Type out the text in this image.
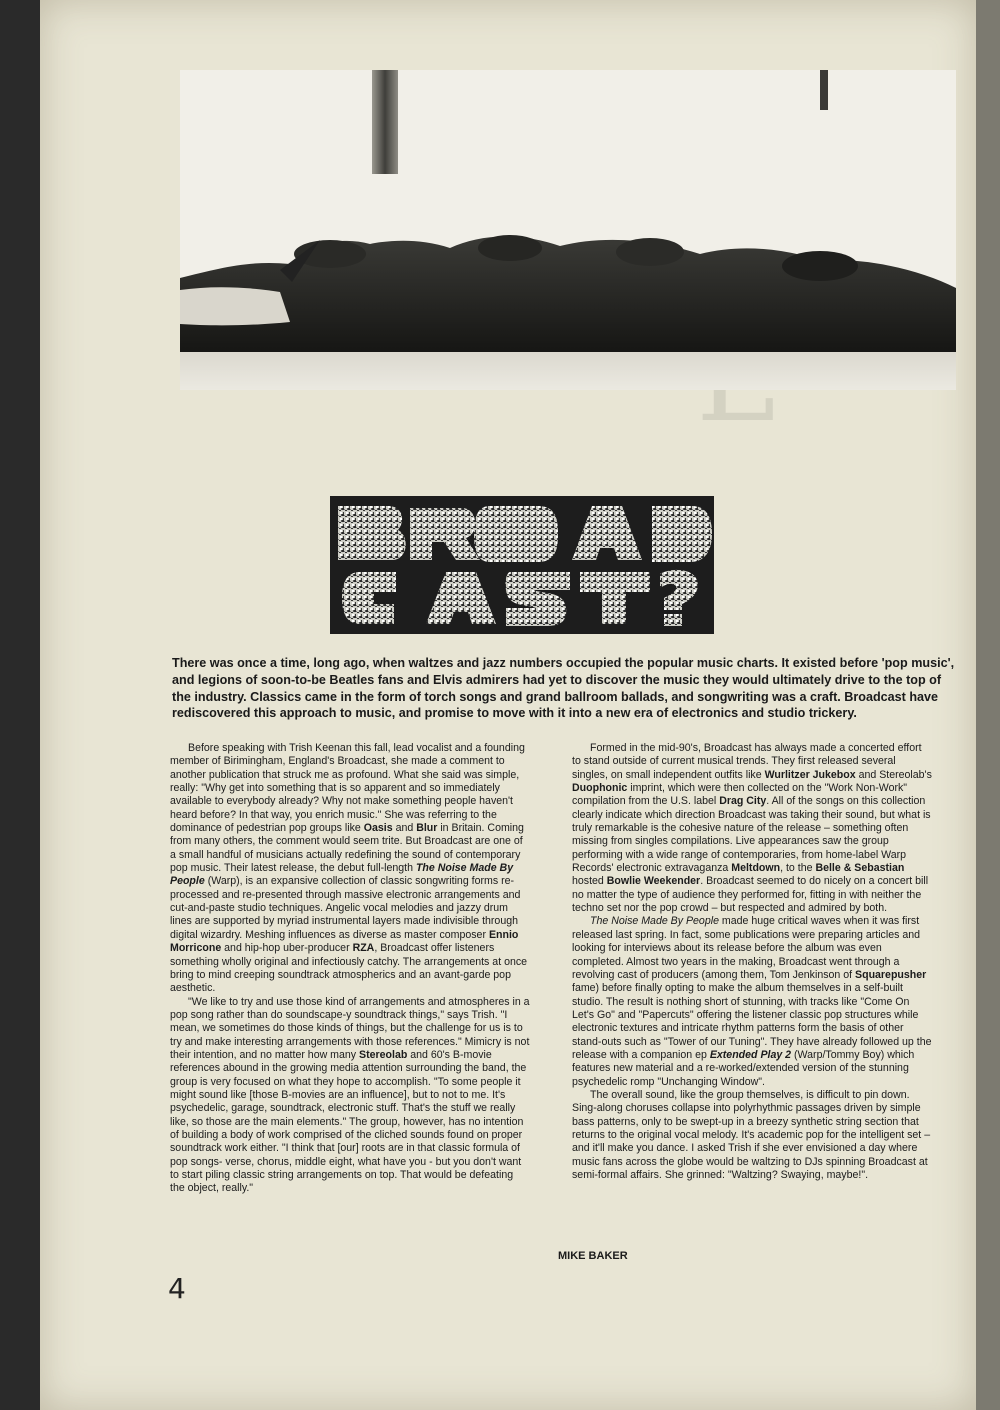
There was once a time, long ago, when waltzes and jazz numbers occupied the popular music charts. It existed before 'pop music', and legions of soon-to-be Beatles fans and Elvis admirers had yet to discover the music they would ultimately drive to the top of the industry. Classics came in the form of torch songs and grand ballroom ballads, and songwriting was a craft. Broadcast have rediscovered this approach to music, and promise to move with it into a new era of electronics and studio trickery.

Before speaking with Trish Keenan this fall, lead vocalist and a founding member of Birimingham, England's Broadcast, she made a comment to another publication that struck me as profound. What she said was simple, really: "Why get into something that is so apparent and so immediately available to everybody already? Why not make something people haven't heard before? In that way, you enrich music." She was referring to the dominance of pedestrian pop groups like Oasis and Blur in Britain. Coming from many others, the comment would seem trite. But Broadcast are one of a small handful of musicians actually redefining the sound of contemporary pop music. Their latest release, the debut full-length The Noise Made By People (Warp), is an expansive collection of classic songwriting forms re-processed and re-presented through massive electronic arrangements and cut-and-paste studio techniques. Angelic vocal melodies and jazzy drum lines are supported by myriad instrumental layers made indivisible through digital wizardry. Meshing influences as diverse as master composer Ennio Morricone and hip-hop uber-producer RZA, Broadcast offer listeners something wholly original and infectiously catchy. The arrangements at once bring to mind creeping soundtrack atmospherics and an avant-garde pop aesthetic.

"We like to try and use those kind of arrangements and atmospheres in a pop song rather than do soundscape-y soundtrack things," says Trish. "I mean, we sometimes do those kinds of things, but the challenge for us is to try and make interesting arrangements with those references." Mimicry is not their intention, and no matter how many Stereolab and 60's B-movie references abound in the growing media attention surrounding the band, the group is very focused on what they hope to accomplish. "To some people it might sound like [those B-movies are an influence], but to not to me. It's psychedelic, garage, soundtrack, electronic stuff. That's the stuff we really like, so those are the main elements." The group, however, has no intention of building a body of work comprised of the cliched sounds found on proper soundtrack work either. "I think that [our] roots are in that classic formula of pop songs- verse, chorus, middle eight, what have you - but you don't want to start piling classic string arrangements on top. That would be defeating the object, really."

Formed in the mid-90's, Broadcast has always made a concerted effort to stand outside of current musical trends. They first released several singles, on small independent outfits like Wurlitzer Jukebox and Stereolab's Duophonic imprint, which were then collected on the "Work Non-Work" compilation from the U.S. label Drag City. All of the songs on this collection clearly indicate which direction Broadcast was taking their sound, but what is truly remarkable is the cohesive nature of the release – something often missing from singles compilations. Live appearances saw the group performing with a wide range of contemporaries, from home-label Warp Records' electronic extravaganza Meltdown, to the Belle & Sebastian hosted Bowlie Weekender. Broadcast seemed to do nicely on a concert bill no matter the type of audience they performed for, fitting in with neither the techno set nor the pop crowd – but respected and admired by both.

The Noise Made By People made huge critical waves when it was first released last spring. In fact, some publications were preparing articles and looking for interviews about its release before the album was even completed. Almost two years in the making, Broadcast went through a revolving cast of producers (among them, Tom Jenkinson of Squarepusher fame) before finally opting to make the album themselves in a self-built studio. The result is nothing short of stunning, with tracks like "Come On Let's Go" and "Papercuts" offering the listener classic pop structures while electronic textures and intricate rhythm patterns form the basis of other stand-outs such as "Tower of our Tuning". They have already followed up the release with a companion ep Extended Play 2 (Warp/Tommy Boy) which features new material and a re-worked/extended version of the stunning psychedelic romp "Unchanging Window".

The overall sound, like the group themselves, is difficult to pin down. Sing-along choruses collapse into polyrhythmic passages driven by simple bass patterns, only to be swept-up in a breezy synthetic string section that returns to the original vocal melody. It's academic pop for the intelligent set – and it'll make you dance. I asked Trish if she ever envisioned a day where music fans across the globe would be waltzing to DJs spinning Broadcast at semi-formal affairs. She grinned: "Waltzing? Swaying, maybe!".

MIKE BAKER
4
